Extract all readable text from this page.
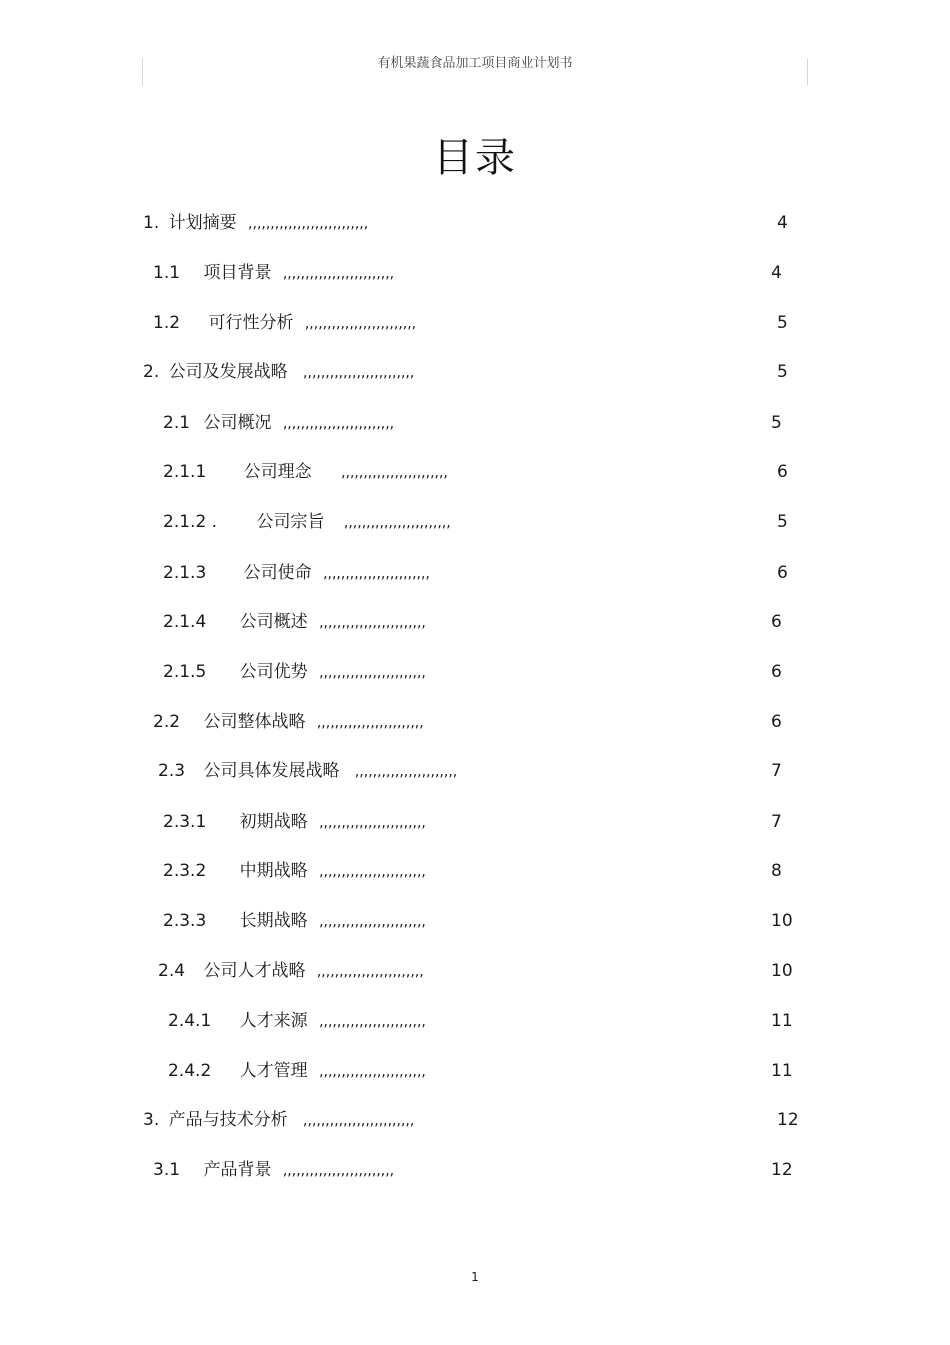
有机果蔬食品加工项目商业计划书
目录
1. 计划摘要 ,,,,,,,,,,,,,,,,,,,,,,,,,,,	4
1.1 项目背景 ,,,,,,,,,,,,,,,,,,,,,,,,,	4
1.2 可行性分析 ,,,,,,,,,,,,,,,,,,,,,,,,,	5
2. 公司及发展战略 ,,,,,,,,,,,,,,,,,,,,,,,,,	5
2.1 公司概况 ,,,,,,,,,,,,,,,,,,,,,,,,,	5
2.1.1 公司理念 ,,,,,,,,,,,,,,,,,,,,,,,,	6
2.1.2 . 公司宗旨 ,,,,,,,,,,,,,,,,,,,,,,,,	5
2.1.3 公司使命 ,,,,,,,,,,,,,,,,,,,,,,,,	6
2.1.4 公司概述 ,,,,,,,,,,,,,,,,,,,,,,,,	6
2.1.5 公司优势 ,,,,,,,,,,,,,,,,,,,,,,,,	6
2.2 公司整体战略 ,,,,,,,,,,,,,,,,,,,,,,,,	6
2.3 公司具体发展战略 ,,,,,,,,,,,,,,,,,,,,,,,	7
2.3.1 初期战略 ,,,,,,,,,,,,,,,,,,,,,,,,	7
2.3.2 中期战略 ,,,,,,,,,,,,,,,,,,,,,,,,	8
2.3.3 长期战略 ,,,,,,,,,,,,,,,,,,,,,,,,	10
2.4 公司人才战略 ,,,,,,,,,,,,,,,,,,,,,,,,	10
2.4.1 人才来源 ,,,,,,,,,,,,,,,,,,,,,,,,	11
2.4.2 人才管理 ,,,,,,,,,,,,,,,,,,,,,,,,	11
3. 产品与技术分析 ,,,,,,,,,,,,,,,,,,,,,,,,,	12
3.1 产品背景 ,,,,,,,,,,,,,,,,,,,,,,,,,	12
1
